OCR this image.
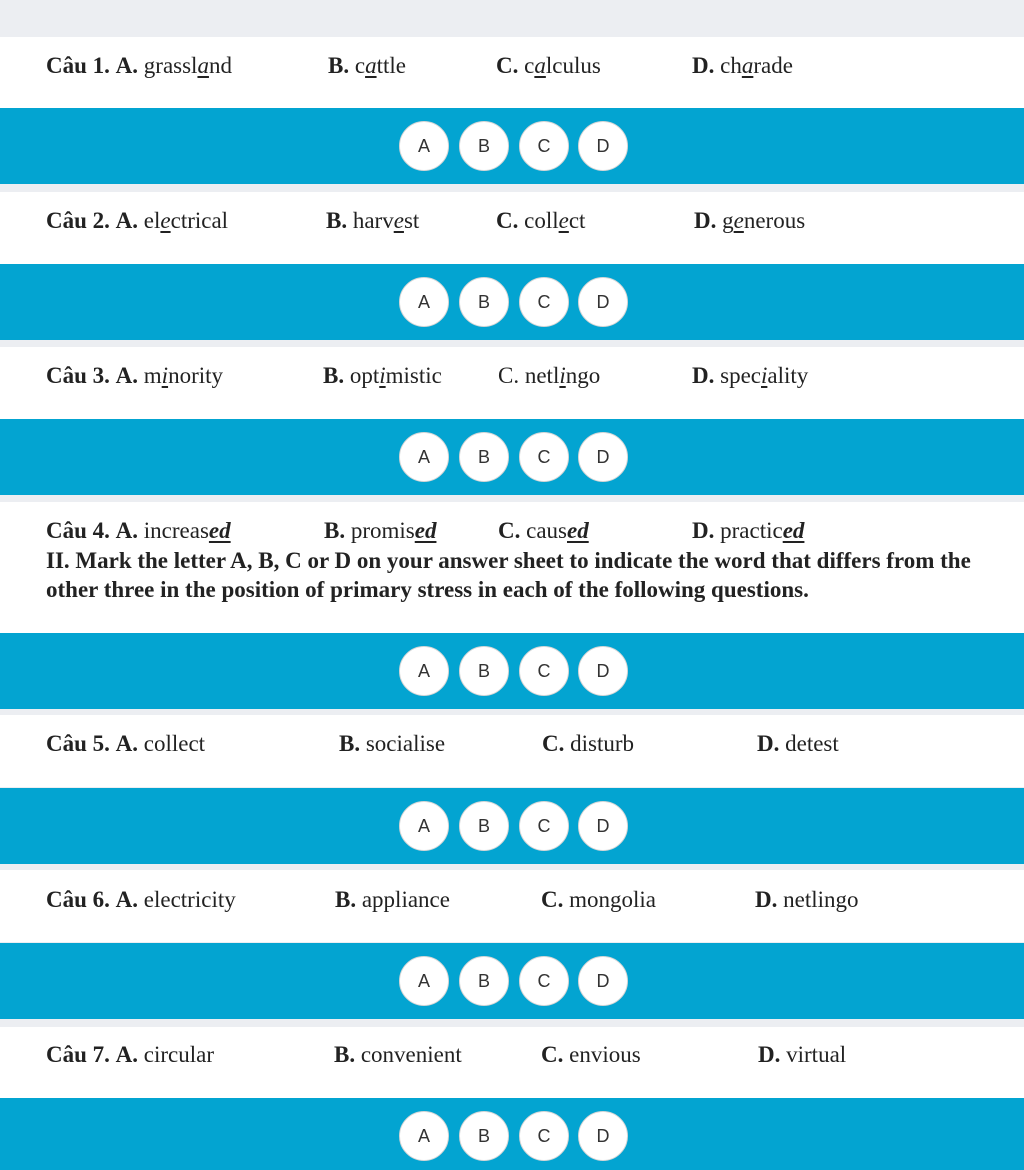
Câu 1. A. grassland	B. cattle	C. calculus	D. charade
Câu 2. A. electrical	B. harvest	C. collect	D. generous
Câu 3. A. minority	B. optimistic C. netlingo	D. speciality
Câu 4. A. increased	B. promised	C. caused	D. practiced
II. Mark the letter A, B, C or D on your answer sheet to indicate the word that differs from the other three in the position of primary stress in each of the following questions.
Câu 5. A. collect	B. socialise	C. disturb	D. detest
Câu 6. A. electricity	B. appliance	C. mongolia	D. netlingo
Câu 7. A. circular	B. convenient	C. envious	D. virtual
A	B	C	D
A	B	C	D
A	B	C	D
A	B	C	D
A	B	C	D
A	B	C	D
A	B	C	D
